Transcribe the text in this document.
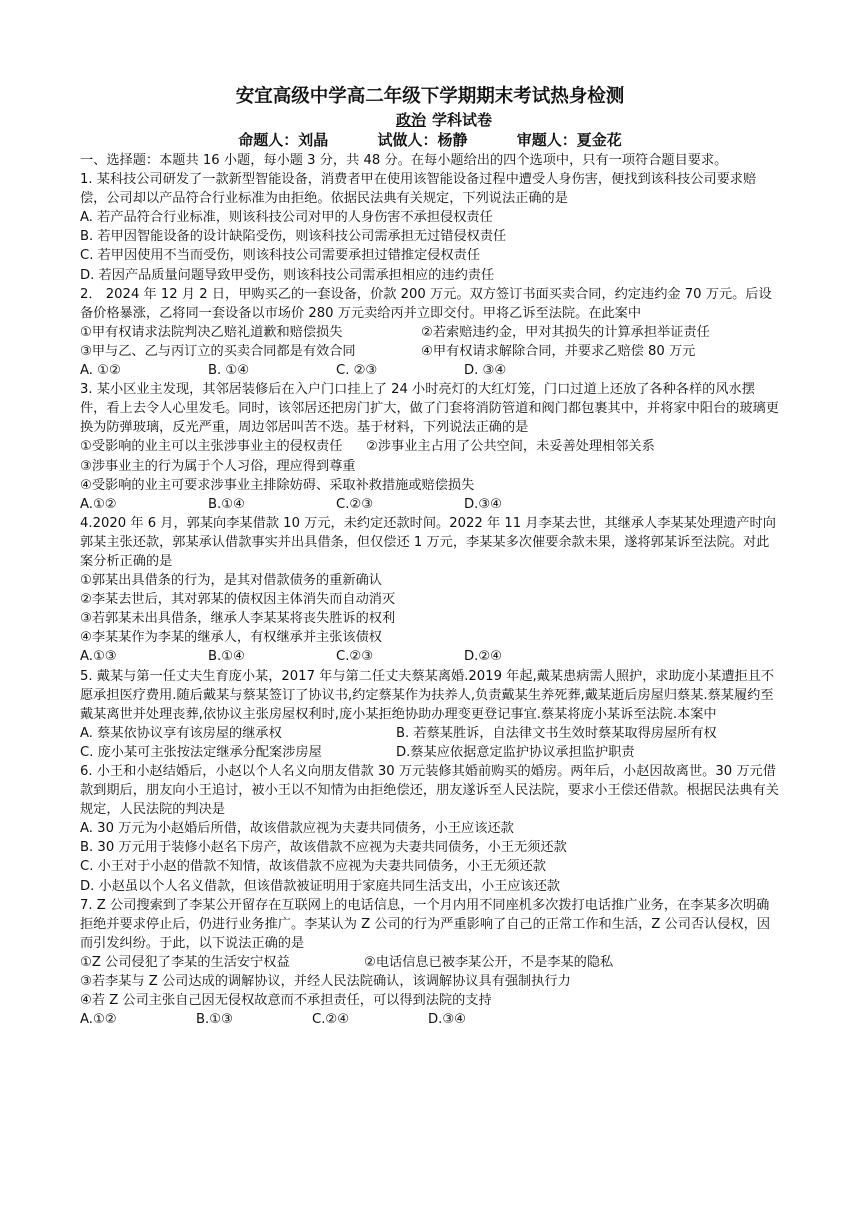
安宜高级中学高二年级下学期期末考试热身检测
政治 学科试卷
命题人：刘晶	试做人：杨静	审题人：夏金花

一、选择题：本题共 16 小题，每小题 3 分，共 48 分。在每小题给出的四个选项中，只有一项符合题目要求。

1. 某科技公司研发了一款新型智能设备，消费者甲在使用该智能设备过程中遭受人身伤害，便找到该科技公司要求赔偿，公司却以产品符合行业标准为由拒绝。依据民法典有关规定，下列说法正确的是

A. 若产品符合行业标准，则该科技公司对甲的人身伤害不承担侵权责任

B. 若甲因智能设备的设计缺陷受伤，则该科技公司需承担无过错侵权责任

C. 若甲因使用不当而受伤，则该科技公司需要承担过错推定侵权责任

D. 若因产品质量问题导致甲受伤，则该科技公司需承担相应的违约责任

2． 2024 年 12 月 2 日，甲购买乙的一套设备，价款 200 万元。双方签订书面买卖合同，约定违约金 70 万元。后设备价格暴涨，乙将同一套设备以市场价 280 万元卖给丙并立即交付。甲将乙诉至法院。在此案中

①甲有权请求法院判决乙赔礼道歉和赔偿损失	②若索赔违约金，甲对其损失的计算承担举证责任
③甲与乙、乙与丙订立的买卖合同都是有效合同	④甲有权请求解除合同，并要求乙赔偿 80 万元
A. ①②	B. ①④	C. ②③	D. ③④

3. 某小区业主发现，其邻居装修后在入户门口挂上了 24 小时亮灯的大红灯笼，门口过道上还放了各种各样的风水摆件，看上去令人心里发毛。同时，该邻居还把房门扩大，做了门套将消防管道和阀门都包裹其中，并将家中阳台的玻璃更换为防弹玻璃，反光严重，周边邻居叫苦不迭。基于材料，下列说法正确的是

①受影响的业主可以主张涉事业主的侵权责任	②涉事业主占用了公共空间，未妥善处理相邻关系

③涉事业主的行为属于个人习俗，理应得到尊重

④受影响的业主可要求涉事业主排除妨碍、采取补救措施或赔偿损失

A.①②	B.①④	C.②③	D.③④

4.2020 年 6 月，郭某向李某借款 10 万元，未约定还款时间。2022 年 11 月李某去世，其继承人李某某处理遗产时向郭某主张还款，郭某承认借款事实并出具借条，但仅偿还 1 万元，李某某多次催要余款未果，遂将郭某诉至法院。对此案分析正确的是

①郭某出具借条的行为，是其对借款债务的重新确认

②李某去世后，其对郭某的债权因主体消失而自动消灭

③若郭某未出具借条，继承人李某某将丧失胜诉的权利

④李某某作为李某的继承人，有权继承并主张该债权

A.①③	B.①④	C.②③	D.②④

5. 戴某与第一任丈夫生育庞小某，2017 年与第二任丈夫蔡某离婚.2019 年起,戴某患病需人照护，求助庞小某遭拒且不愿承担医疗费用.随后戴某与蔡某签订了协议书,约定蔡某作为扶养人,负责戴某生养死葬,戴某逝后房屋归蔡某.蔡某履约至戴某离世并处理丧葬,依协议主张房屋权利时,庞小某拒绝协助办理变更登记事宜.蔡某将庞小某诉至法院.本案中

A. 蔡某依协议享有该房屋的继承权	B. 若蔡某胜诉，自法律文书生效时蔡某取得房屋所有权
C. 庞小某可主张按法定继承分配案涉房屋	D.蔡某应依据意定监护协议承担监护职责

6. 小王和小赵结婚后，小赵以个人名义向朋友借款 30 万元装修其婚前购买的婚房。两年后，小赵因故离世。30 万元借款到期后，朋友向小王追讨，被小王以不知情为由拒绝偿还，朋友遂诉至人民法院，要求小王偿还借款。根据民法典有关规定，人民法院的判决是

A. 30 万元为小赵婚后所借，故该借款应视为夫妻共同债务，小王应该还款

B. 30 万元用于装修小赵名下房产，故该借款不应视为夫妻共同债务，小王无须还款

C. 小王对于小赵的借款不知情，故该借款不应视为夫妻共同债务，小王无须还款

D. 小赵虽以个人名义借款，但该借款被证明用于家庭共同生活支出，小王应该还款

7. Z 公司搜索到了李某公开留存在互联网上的电话信息，一个月内用不同座机多次拨打电话推广业务，在李某多次明确拒绝并要求停止后，仍进行业务推广。李某认为 Z 公司的行为严重影响了自己的正常工作和生活，Z 公司否认侵权，因而引发纠纷。于此，以下说法正确的是

①Z 公司侵犯了李某的生活安宁权益	②电话信息已被李某公开，不是李某的隐私

③若李某与 Z 公司达成的调解协议，并经人民法院确认，该调解协议具有强制执行力

④若 Z 公司主张自己因无侵权故意而不承担责任，可以得到法院的支持

A.①②	B.①③	C.②④	D.③④
